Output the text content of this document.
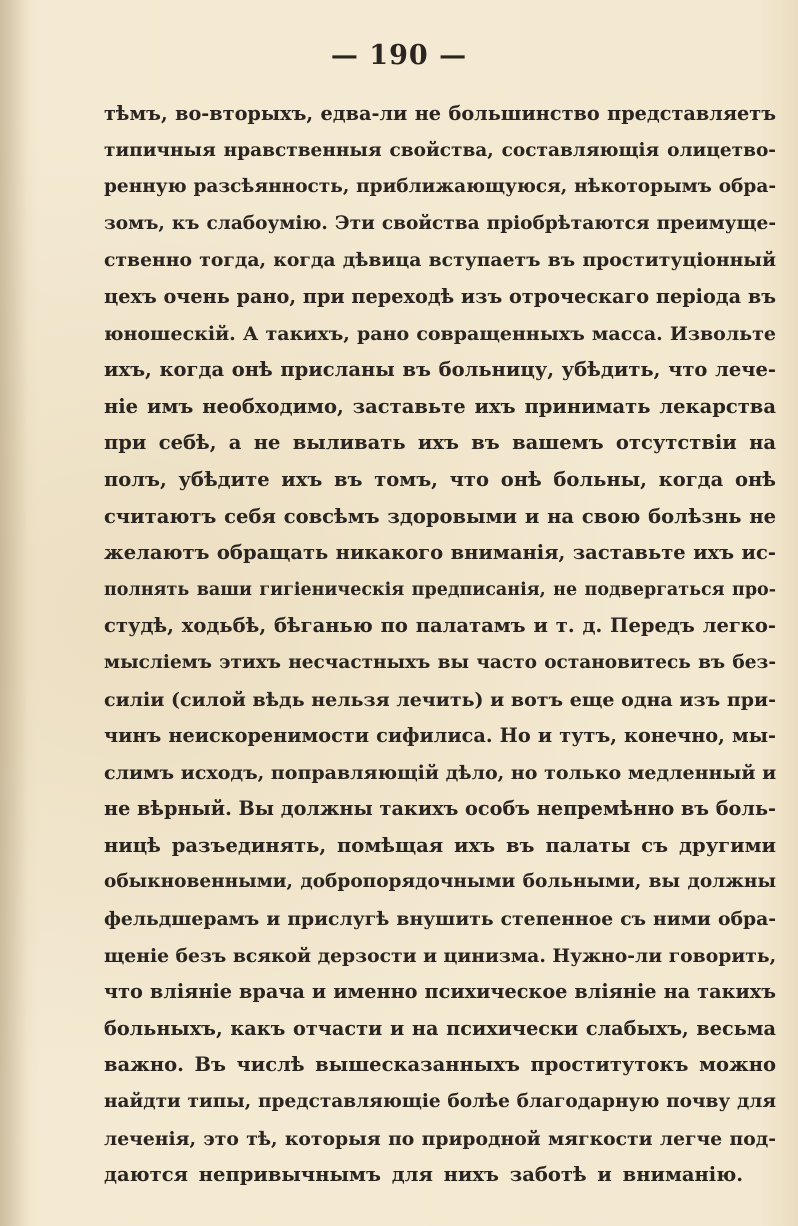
— 190 —
тѣмъ, во-вторыхъ, едва-ли не большинство представляетъ
типичныя нравственныя свойства, составляющія олицетво-
ренную разсѣянность, приближающуюся, нѣкоторымъ обра-
зомъ, къ слабоумію. Эти свойства пріобрѣтаются преимуще-
ственно тогда, когда дѣвица вступаетъ въ проституціонный
цехъ очень рано, при переходѣ изъ отроческаго періода въ
юношескій. А такихъ, рано совращенныхъ масса. Извольте
ихъ, когда онѣ присланы въ больницу, убѣдить, что лече-
ніе имъ необходимо, заставьте ихъ принимать лекарства
при себѣ, а не выливать ихъ въ вашемъ отсутствіи на
полъ, убѣдите ихъ въ томъ, что онѣ больны, когда онѣ
считаютъ себя совсѣмъ здоровыми и на свою болѣзнь не
желаютъ обращать никакого вниманія, заставьте ихъ ис-
полнять ваши гигіеническія предписанія, не подвергаться про-
студѣ, ходьбѣ, бѣганью по палатамъ и т. д. Передъ легко-
мысліемъ этихъ несчастныхъ вы часто остановитесь въ без-
силіи (силой вѣдь нельзя лечить) и вотъ еще одна изъ при-
чинъ неискоренимости сифилиса. Но и тутъ, конечно, мы-
слимъ исходъ, поправляющій дѣло, но только медленный и
не вѣрный. Вы должны такихъ особъ непремѣнно въ боль-
ницѣ разъединять, помѣщая ихъ въ палаты съ другими
обыкновенными, добропорядочными больными, вы должны
фельдшерамъ и прислугѣ внушить степенное съ ними обра-
щеніе безъ всякой дерзости и цинизма. Нужно-ли говорить,
что вліяніе врача и именно психическое вліяніе на такихъ
больныхъ, какъ отчасти и на психически слабыхъ, весьма
важно. Въ числѣ вышесказанныхъ проститутокъ можно
найдти типы, представляющіе болѣе благодарную почву для
леченія, это тѣ, которыя по природной мягкости легче под-
даются непривычнымъ для нихъ заботѣ и вниманію.
